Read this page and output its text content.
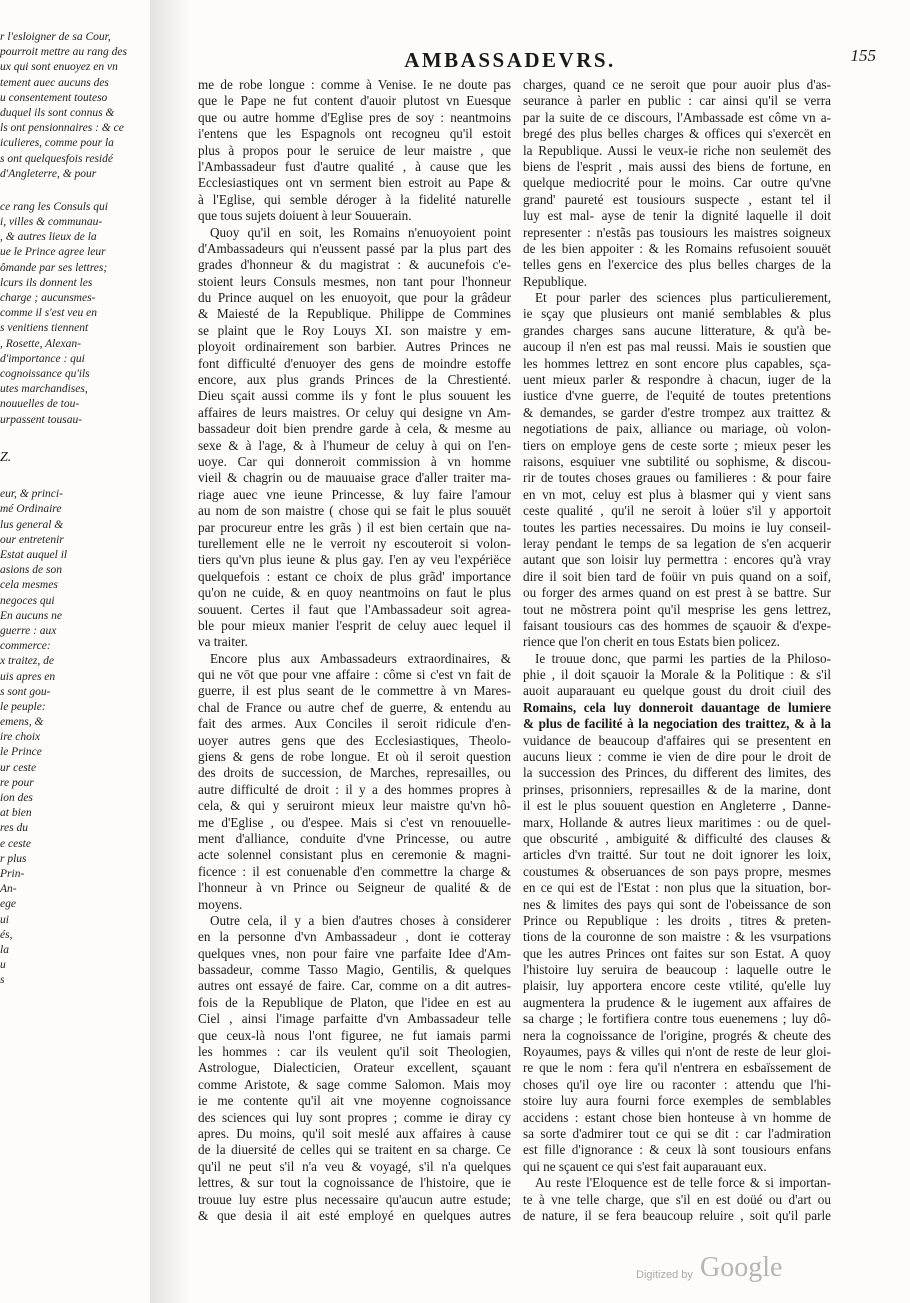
r l'esloigner de sa Cour,
pourroit mettre au rang des
ux qui sont enuoyez en vn
tement auec aucuns des
u consentement touteso
duquel ils sont connus &
ls ont pensionnaires : & ce
iculieres, comme pour la
s ont quelquesfois residé
d'Angleterre, & pour
ce rang les Consuls qui
i, villes & communau-
, & autres lieux de la
ue le Prince agree leur
ômande par ses lettres;
lcurs ils donnent les
charge ; aucunsmes-
comme il s'est veu en
s venitiens tiennent
, Rosette, Alexan-
d'importance : qui
cognoissance qu'ils
utes marchandises,
nouuelles de tou-
urpassent tousau-
Z.
eur, & princi-
mé Ordinaire
lus general &
our entretenir
Estat auquel il
asions de son
cela mesmes
negoces qui
En aucuns ne
guerre : aux
commerce:
x traitez, de
uis apres en
s sont gou-
le peuple:
emens, &
ire choix
le Prince
ur ceste
re pour
ion des
at bien
res du
e ceste
r plus
Prin-
An-
ege
ui
és,
la
u
s
AMBASSADEVRS.	155
me de robe longue : comme à Venise. Ie ne doute pas
que le Pape ne fut content d'auoir plutost vn Euesque
que ou autre homme d'Eglise pres de soy : neantmoins
i'entens que les Espagnols ont recogneu qu'il estoit
plus à propos pour le seruice de leur maistre , que
l'Ambassadeur fust d'autre qualité , à cause que les
Ecclesiastiques ont vn serment bien estroit au Pape &
à l'Eglise, qui semble déroger à la fidelité naturelle
que tous sujets doiuent à leur Souuerain.
Quoy qu'il en soit, les Romains n'enuoyoient point
d'Ambassadeurs qui n'eussent passé par la plus part des
grades d'honneur & du magistrat : & aucunefois c'e-
stoient leurs Consuls mesmes, non tant pour l'honneur
du Prince auquel on les enuoyoit, que pour la grâdeur
& Maiesté de la Republique. Philippe de Commines
se plaint que le Roy Louys XI. son maistre y em-
ployoit ordinairement son barbier. Autres Princes ne
font difficulté d'enuoyer des gens de moindre estoffe
encore, aux plus grands Princes de la Chrestienté.
Dieu sçait aussi comme ils y font le plus souuent les
affaires de leurs maistres. Or celuy qui designe vn Am-
bassadeur doit bien prendre garde à cela, & mesme au
sexe & à l'age, & à l'humeur de celuy à qui on l'en-
uoye. Car qui donneroit commission à vn homme
vieil & chagrin ou de mauuaise grace d'aller traiter ma-
riage auec vne ieune Princesse, & luy faire l'amour
au nom de son maistre ( chose qui se fait le plus souuët
par procureur entre les grãs ) il est bien certain que na-
turellement elle ne le verroit ny escouteroit si volon-
tiers qu'vn plus ieune & plus gay. I'en ay veu l'expériëce
quelquefois : estant ce choix de plus grãd' importance
qu'on ne cuide, & en quoy neantmoins on faut le plus
souuent. Certes il faut que l'Ambassadeur soit agrea-
ble pour mieux manier l'esprit de celuy auec lequel il
va traiter.
Encore plus aux Ambassadeurs extraordinaires, &
qui ne vōt que pour vne affaire : côme si c'est vn fait de
guerre, il est plus seant de le commettre à vn Mares-
chal de France ou autre chef de guerre, & entendu au
fait des armes. Aux Conciles il seroit ridicule d'en-
uoyer autres gens que des Ecclesiastiques, Theolo-
giens & gens de robe longue. Et où il seroit question
des droits de succession, de Marches, represailles, ou
autre difficulté de droit : il y a des hommes propres à
cela, & qui y seruiront mieux leur maistre qu'vn hô-
me d'Eglise , ou d'espee. Mais si c'est vn renouuelle-
ment d'alliance, conduite d'vne Princesse, ou autre
acte solennel consistant plus en ceremonie & magni-
ficence : il est conuenable d'en commettre la charge &
l'honneur à vn Prince ou Seigneur de qualité & de
moyens.
Outre cela, il y a bien d'autres choses à considerer
en la personne d'vn Ambassadeur , dont ie cotteray
quelques vnes, non pour faire vne parfaite Idee d'Am-
bassadeur, comme Tasso Magio, Gentilis, & quelques
autres ont essayé de faire. Car, comme on a dit autres-
fois de la Republique de Platon, que l'idee en est au
Ciel , ainsi l'image parfaitte d'vn Ambassadeur telle
que ceux-là nous l'ont figuree, ne fut iamais parmi
les hommes : car ils veulent qu'il soit Theologien,
Astrologue, Dialecticien, Orateur excellent, sçauant
comme Aristote, & sage comme Salomon. Mais moy
ie me contente qu'il ait vne moyenne cognoissance
des sciences qui luy sont propres ; comme ie diray cy
apres. Du moins, qu'il soit meslé aux affaires à cause
de la diuersité de celles qui se traitent en sa charge. Ce
qu'il ne peut s'il n'a veu & voyagé, s'il n'a quelques
lettres, & sur tout la cognoissance de l'histoire, que ie
trouue luy estre plus necessaire qu'aucun autre estude;
& que desia il ait esté employé en quelques autres
charges, quand ce ne seroit que pour auoir plus d'as-
seurance à parler en public : car ainsi qu'il se verra
par la suite de ce discours, l'Ambassade est côme vn a-
bregé des plus belles charges & offices qui s'exercët en
la Republique. Aussi le veux-ie riche non seulemët des
biens de l'esprit , mais aussi des biens de fortune, en
quelque mediocrité pour le moins. Car outre qu'vne
grand' paureté est tousiours suspecte , estant tel il
luy est mal- ayse de tenir la dignité laquelle il doit
representer : n'estãs pas tousiours les maistres soigneux
de les bien appoiter : & les Romains refusoient souuët
telles gens en l'exercice des plus belles charges de la
Republique.
Et pour parler des sciences plus particulierement,
ie sçay que plusieurs ont manié semblables & plus
grandes charges sans aucune litterature, & qu'à be-
aucoup il n'en est pas mal reussi. Mais ie soustien que
les hommes lettrez en sont encore plus capables, sça-
uent mieux parler & respondre à chacun, iuger de la
iustice d'vne guerre, de l'equité de toutes pretentions
& demandes, se garder d'estre trompez aux traittez &
negotiations de paix, alliance ou mariage, où volon-
tiers on employe gens de ceste sorte ; mieux peser les
raisons, esquiuer vne subtilité ou sophisme, & discou-
rir de toutes choses graues ou familieres : & pour faire
en vn mot, celuy est plus à blasmer qui y vient sans
ceste qualité , qu'il ne seroit à loüer s'il y apportoit
toutes les parties necessaires. Du moins ie luy conseil-
leray pendant le temps de sa legation de s'en acquerir
autant que son loisir luy permettra : encores qu'à vray
dire il soit bien tard de foüir vn puis quand on a soif,
ou forger des armes quand on est prest à se battre. Sur
tout ne mõstrera point qu'il mesprise les gens lettrez,
faisant tousiours cas des hommes de sçauoir & d'expe-
rience que l'on cherit en tous Estats bien policez.
Ie trouue donc, que parmi les parties de la Philoso-
phie , il doit sçauoir la Morale & la Politique : & s'il
auoit auparauant eu quelque goust du droit ciuil des
Romains, cela luy donneroit dauantage de lumiere
& plus de facilité à la negociation des traittez, & à la
vuidance de beaucoup d'affaires qui se presentent en
aucuns lieux : comme ie vien de dire pour le droit de
la succession des Princes, du different des limites, des
prinses, prisonniers, represailles & de la marine, dont
il est le plus souuent question en Angleterre , Danne-
marx, Hollande & autres lieux maritimes : ou de quel-
que obscurité , ambiguité & difficulté des clauses &
articles d'vn traitté. Sur tout ne doit ignorer les loix,
coustumes & obseruances de son pays propre, mesmes
en ce qui est de l'Estat : non plus que la situation, bor-
nes & limites des pays qui sont de l'obeissance de son
Prince ou Republique : les droits , titres & preten-
tions de la couronne de son maistre : & les vsurpations
que les autres Princes ont faites sur son Estat. A quoy
l'histoire luy seruira de beaucoup : laquelle outre le
plaisir, luy apportera encore ceste vtilité, qu'elle luy
augmentera la prudence & le iugement aux affaires de
sa charge ; le fortifiera contre tous euenemens ; luy dô-
nera la cognoissance de l'origine, progrés & cheute des
Royaumes, pays & villes qui n'ont de reste de leur gloi-
re que le nom : fera qu'il n'entrera en esbaïssement de
choses qu'il oye lire ou raconter : attendu que l'hi-
stoire luy aura fourni force exemples de semblables
accidens : estant chose bien honteuse à vn homme de
sa sorte d'admirer tout ce qui se dit : car l'admiration
est fille d'ignorance : & ceux là sont tousiours enfans
qui ne sçauent ce qui s'est fait auparauant eux.
Au reste l'Eloquence est de telle force & si importan-
te à vne telle charge, que s'il en est doüé ou d'art ou
de nature, il se fera beaucoup reluire , soit qu'il parle
Digitized by Google
